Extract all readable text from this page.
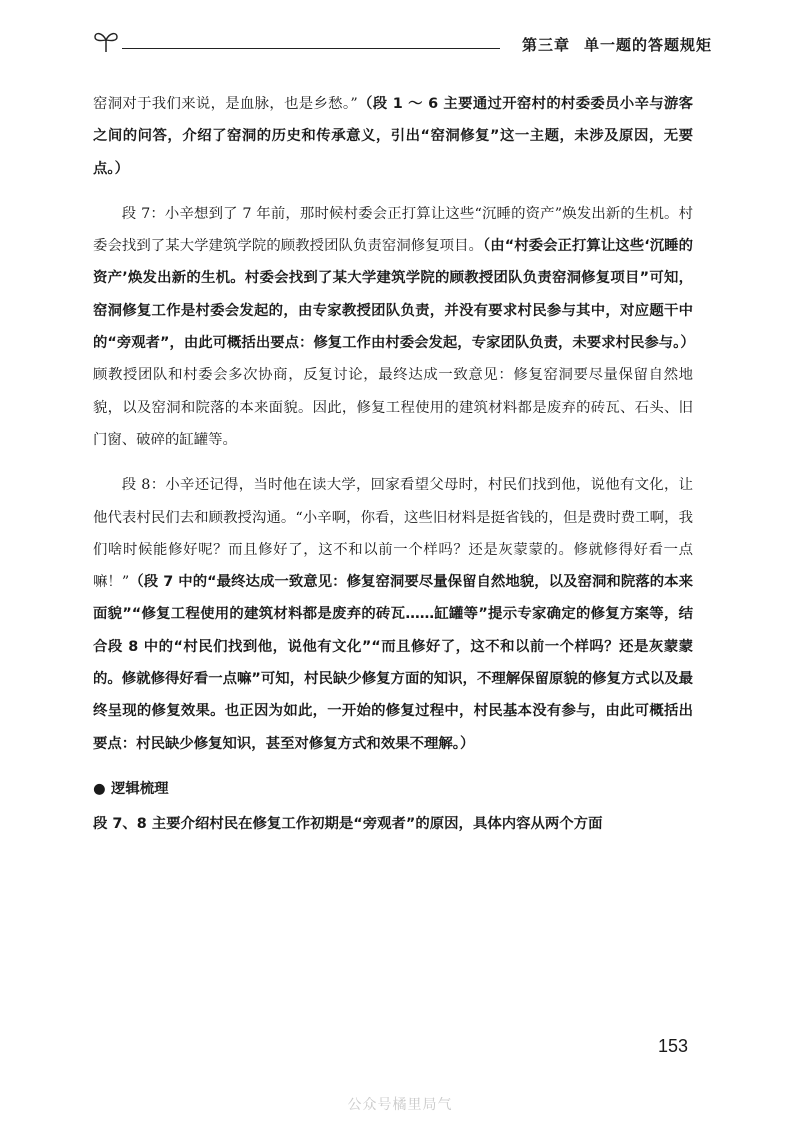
第三章 单一题的答题规矩

窑洞对于我们来说，是血脉，也是乡愁。”（段 1 ～ 6 主要通过开窑村的村委委员小辛与游客之间的问答，介绍了窑洞的历史和传承意义，引出“窑洞修复”这一主题，未涉及原因，无要点。）

段 7：小辛想到了 7 年前，那时候村委会正打算让这些“沉睡的资产”焕发出新的生机。村委会找到了某大学建筑学院的顾教授团队负责窑洞修复项目。（由“村委会正打算让这些‘沉睡的资产’焕发出新的生机。村委会找到了某大学建筑学院的顾教授团队负责窑洞修复项目”可知，窑洞修复工作是村委会发起的，由专家教授团队负责，并没有要求村民参与其中，对应题干中的“旁观者”，由此可概括出要点：修复工作由村委会发起，专家团队负责，未要求村民参与。）顾教授团队和村委会多次协商，反复讨论，最终达成一致意见：修复窑洞要尽量保留自然地貌，以及窑洞和院落的本来面貌。因此，修复工程使用的建筑材料都是废弃的砖瓦、石头、旧门窗、破碎的缸罐等。

段 8：小辛还记得，当时他在读大学，回家看望父母时，村民们找到他，说他有文化，让他代表村民们去和顾教授沟通。“小辛啊，你看，这些旧材料是挺省钱的，但是费时费工啊，我们啥时候能修好呢？而且修好了，这不和以前一个样吗？还是灰蒙蒙的。修就修得好看一点嘛！”（段 7 中的“最终达成一致意见：修复窑洞要尽量保留自然地貌，以及窑洞和院落的本来面貌”“修复工程使用的建筑材料都是废弃的砖瓦……缸罐等”提示专家确定的修复方案等，结合段 8 中的“村民们找到他，说他有文化”“而且修好了，这不和以前一个样吗？还是灰蒙蒙的。修就修得好看一点嘛”可知，村民缺少修复方面的知识，不理解保留原貌的修复方式以及最终呈现的修复效果。也正因为如此，一开始的修复过程中，村民基本没有参与，由此可概括出要点：村民缺少修复知识，甚至对修复方式和效果不理解。）

● 逻辑梳理

段 7、8 主要介绍村民在修复工作初期是“旁观者”的原因，具体内容从两个方面

153
公众号橘里局气
